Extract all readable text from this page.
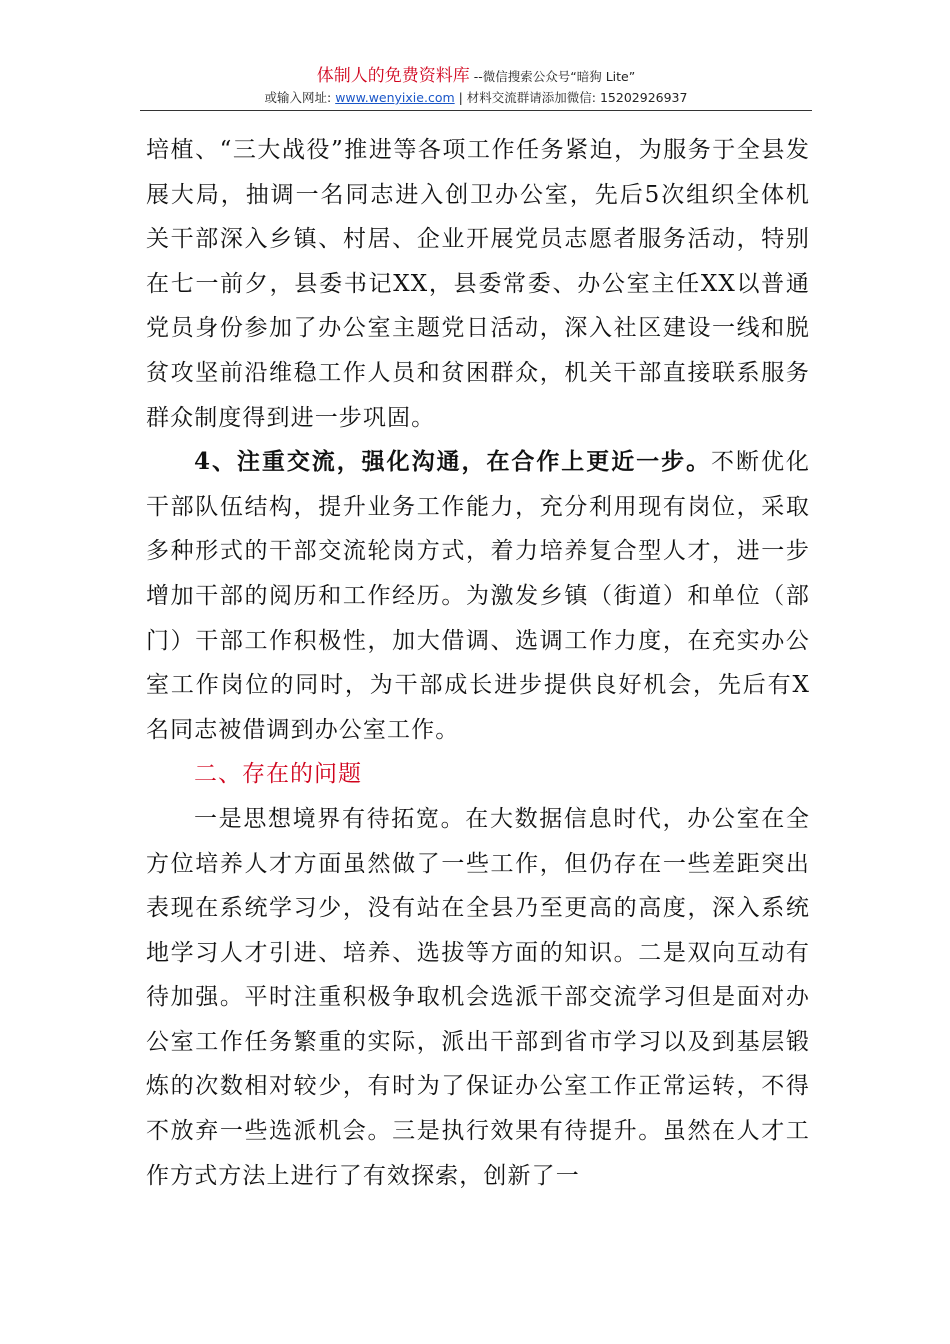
体制人的免费资料库 --微信搜索公众号“暗狗 Lite”
或输入网址: www.wenyixie.com | 材料交流群请添加微信: 15202926937

培植、“三大战役”推进等各项工作任务紧迫，为服务于全县发展大局，抽调一名同志进入创卫办公室，先后5次组织全体机关干部深入乡镇、村居、企业开展党员志愿者服务活动，特别在七一前夕，县委书记XX，县委常委、办公室主任XX以普通党员身份参加了办公室主题党日活动，深入社区建设一线和脱贫攻坚前沿维稳工作人员和贫困群众，机关干部直接联系服务群众制度得到进一步巩固。

4、注重交流，强化沟通，在合作上更近一步。不断优化干部队伍结构，提升业务工作能力，充分利用现有岗位，采取多种形式的干部交流轮岗方式，着力培养复合型人才，进一步增加干部的阅历和工作经历。为激发乡镇（街道）和单位（部门）干部工作积极性，加大借调、选调工作力度，在充实办公室工作岗位的同时，为干部成长进步提供良好机会，先后有X名同志被借调到办公室工作。

二、存在的问题

一是思想境界有待拓宽。在大数据信息时代，办公室在全方位培养人才方面虽然做了一些工作，但仍存在一些差距突出表现在系统学习少，没有站在全县乃至更高的高度，深入系统地学习人才引进、培养、选拔等方面的知识。二是双向互动有待加强。平时注重积极争取机会选派干部交流学习但是面对办公室工作任务繁重的实际，派出干部到省市学习以及到基层锻炼的次数相对较少，有时为了保证办公室工作正常运转，不得不放弃一些选派机会。三是执行效果有待提升。虽然在人才工作方式方法上进行了有效探索，创新了一
